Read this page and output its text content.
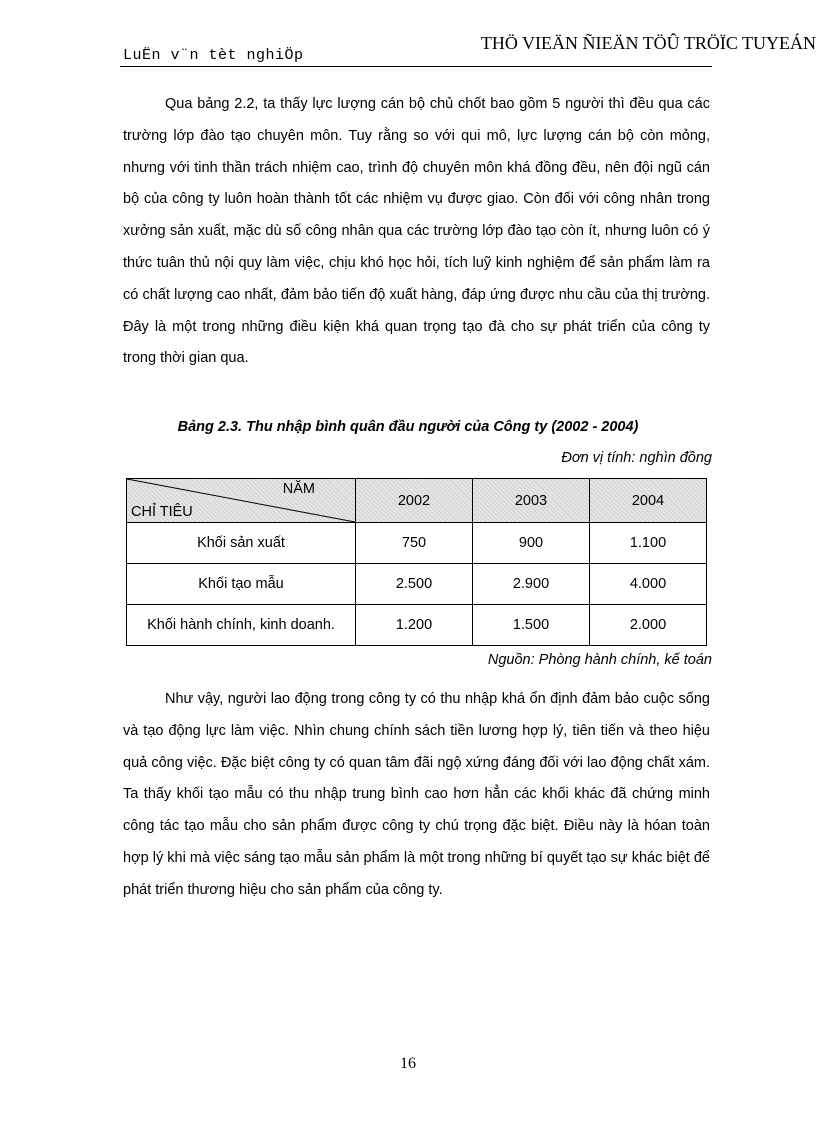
LuËn v¨n tèt nghiÖp
THÖ VIEÄN ÑIEÄN TÖÛ TRÖÏC TUYEÁN

Qua bảng 2.2, ta thấy lực lượng cán bộ chủ chốt bao gồm 5 người thì đều qua các trường lớp đào tạo chuyên môn. Tuy rằng so với qui mô, lực lượng cán bộ còn mỏng, nhưng với tinh thần trách nhiệm cao, trình độ chuyên môn khá đồng đều, nên đội ngũ cán bộ của công ty luôn hoàn thành tốt các nhiệm vụ được giao. Còn đối với công nhân trong xưởng sản xuất, mặc dù số công nhân qua các trường lớp đào tạo còn ít, nhưng luôn có ý thức tuân thủ nội quy làm việc, chịu khó học hỏi, tích luỹ kinh nghiệm để sản phẩm làm ra có chất lượng cao nhất, đảm bảo tiến độ xuất hàng, đáp ứng được nhu cầu của thị trường. Đây là một trong những điều kiện khá quan trọng tạo đà cho sự phát triển của công ty trong thời gian qua.

Bảng 2.3. Thu nhập bình quân đầu người của Công ty (2002 - 2004)
Đơn vị tính: nghìn đồng
NĂM
CHỈ TIÊU	2002	2003	2004
Khối sản xuất	750	900	1.100
Khối tạo mẫu	2.500	2.900	4.000
Khối hành chính, kinh doanh.	1.200	1.500	2.000
Nguồn: Phòng hành chính, kế toán

Như vậy, người lao động trong công ty có thu nhập khá ổn định đảm bảo cuộc sống và tạo động lực làm việc. Nhìn chung chính sách tiền lương hợp lý, tiên tiến và theo hiệu quả công việc. Đặc biệt công ty có quan tâm đãi ngộ xứng đáng đối với lao động chất xám. Ta thấy khối tạo mẫu có thu nhập trung bình cao hơn hẳn các khối khác đã chứng minh công tác tạo mẫu cho sản phẩm được công ty chú trọng đặc biệt. Điều này là hóan toàn hợp lý khi mà việc sáng tạo mẫu sản phẩm là một trong những bí quyết tạo sự khác biệt để phát triển thương hiệu cho sản phẩm của công ty.

16
